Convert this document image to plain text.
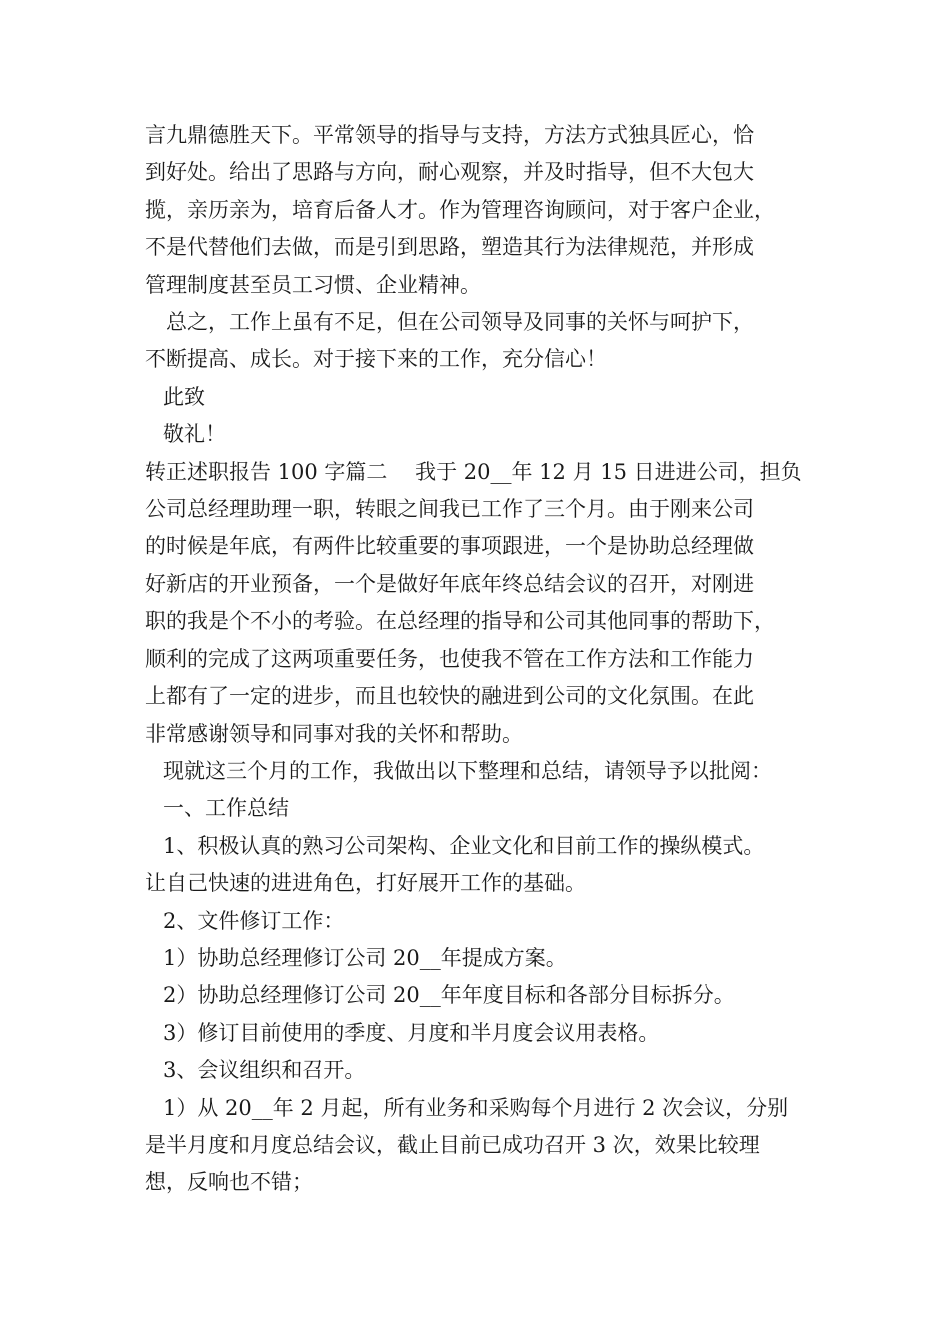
言九鼎德胜天下。平常领导的指导与支持，方法方式独具匠心，恰

到好处。给出了思路与方向，耐心观察，并及时指导，但不大包大

揽，亲历亲为，培育后备人才。作为管理咨询顾问，对于客户企业，

不是代替他们去做，而是引到思路，塑造其行为法律规范，并形成

管理制度甚至员工习惯、企业精神。

总之，工作上虽有不足，但在公司领导及同事的关怀与呵护下，

不断提高、成长。对于接下来的工作，充分信心！

此致

敬礼！

转正述职报告 100 字篇二　 我于 20__年 12 月 15 日进进公司，担负

公司总经理助理一职，转眼之间我已工作了三个月。由于刚来公司

的时候是年底，有两件比较重要的事项跟进，一个是协助总经理做

好新店的开业预备，一个是做好年底年终总结会议的召开，对刚进

职的我是个不小的考验。在总经理的指导和公司其他同事的帮助下，

顺利的完成了这两项重要任务，也使我不管在工作方法和工作能力

上都有了一定的进步，而且也较快的融进到公司的文化氛围。在此

非常感谢领导和同事对我的关怀和帮助。

现就这三个月的工作，我做出以下整理和总结，请领导予以批阅：

一、工作总结

1、积极认真的熟习公司架构、企业文化和目前工作的操纵模式。

让自己快速的进进角色，打好展开工作的基础。

2、文件修订工作：

1）协助总经理修订公司 20__年提成方案。

2）协助总经理修订公司 20__年年度目标和各部分目标拆分。

3）修订目前使用的季度、月度和半月度会议用表格。

3、会议组织和召开。

1）从 20__年 2 月起，所有业务和采购每个月进行 2 次会议，分别

是半月度和月度总结会议，截止目前已成功召开 3 次，效果比较理

想，反响也不错；
